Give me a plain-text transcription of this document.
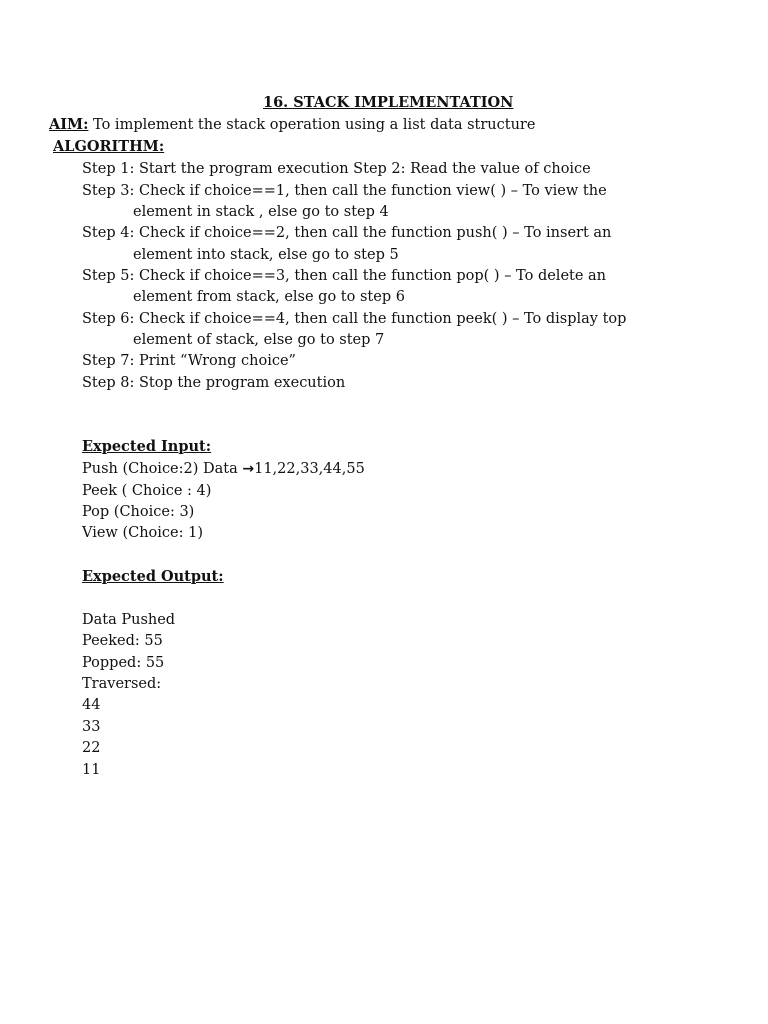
16. STACK IMPLEMENTATION
AIM: To implement the stack operation using a list data structure
ALGORITHM:
Step 1: Start the program execution Step 2: Read the value of choice
Step 3: Check if choice==1, then call the function view( ) – To view the
element in stack , else go to step 4
Step 4: Check if choice==2, then call the function push( ) – To insert an
element into stack, else go to step 5
Step 5: Check if choice==3, then call the function pop( ) – To delete an
element from stack, else go to step 6
Step 6: Check if choice==4, then call the function peek( ) – To display top
element of stack, else go to step 7
Step 7: Print “Wrong choice”
Step 8: Stop the program execution
Expected Input:
Push (Choice:2) Data →11,22,33,44,55
Peek ( Choice : 4)
Pop (Choice: 3)
View (Choice: 1)
Expected Output:
Data Pushed
Peeked: 55
Popped: 55
Traversed:
44
33
22
11
